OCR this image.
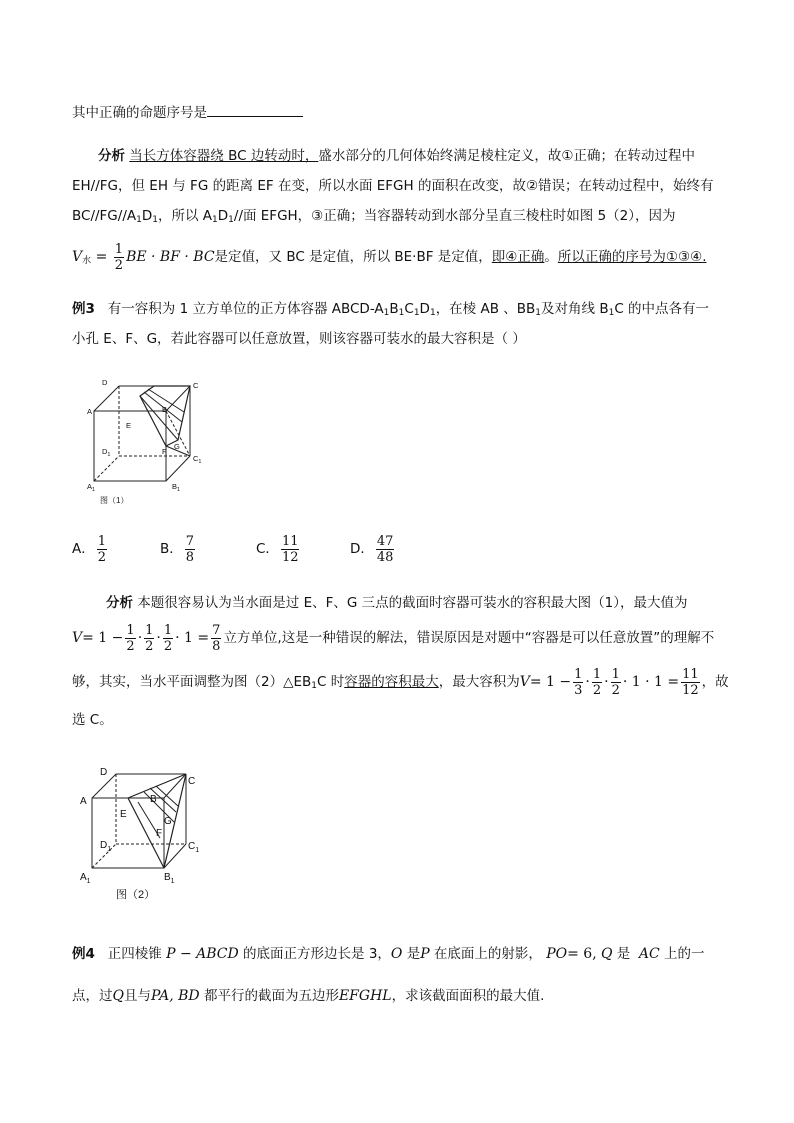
其中正确的命题序号是
分析 当长方体容器绕 BC 边转动时，盛水部分的几何体始终满足棱柱定义，故①正确；在转动过程中
EH//FG，但 EH 与 FG 的距离 EF 在变，所以水面 EFGH 的面积在改变，故②错误；在转动过程中，始终有
$BC//FG//A_1D_1$，所以 $A_1D_1//$面 EFGH，③正确；当容器转动到水部分呈直三棱柱时如图 5（2），因为
$V_水 = \frac{1}{2}$ BE · BF · BC是定值，又 BC 是定值，所以 BE·BF 是定值，即④正确。所以正确的序号为①③④.
例3 有一容积为 1 立方单位的正方体容器 ABCD-$A_1B_1C_1D_1$，在棱 AB 、$BB_1$及对角线 $B_1C$ 的中点各有一
小孔 E、F、G，若此容器可以任意放置，则该容器可装水的最大容积是（ ）
D	C
A	B
E
G
F
$D_1$	$C_1$
$A_1$	$B_1$
图（1）
A． $\frac{1}{2}$	B． $\frac{7}{8}$	C． $\frac{11}{12}$	D． $\frac{47}{48}$
分析 本题很容易认为当水面是过 E、F、G 三点的截面时容器可装水的容积最大图（1），最大值为
$V= 1 - \frac{1}{2} \cdot \frac{1}{2} \cdot \frac{1}{2} \cdot 1 = \frac{7}{8}$ 立方单位,这是一种错误的解法，错误原因是对题中“容器是可以任意放置”的理解不
够，其实，当水平面调整为图$(2)\triangle EB_1C$ 时容器的容积最大，最大容积为$V= 1 - \frac{1}{3} \cdot \frac{1}{2} \cdot \frac{1}{2} \cdot 1 \cdot 1 = \frac{11}{12}$ ，故
选 C。
D
C
A	B
E
G
F
$D_1$	$C_1$
$A_1$	$B_1$
图（2）
例4 正四棱锥 P − ABCD 的底面正方形边长是 3，O 是P 在底面上的射影， PO= 6, Q 是 AC 上的一
点，过Q且与PA, BD 都平行的截面为五边形EFGHL，求该截面面积的最大值.
